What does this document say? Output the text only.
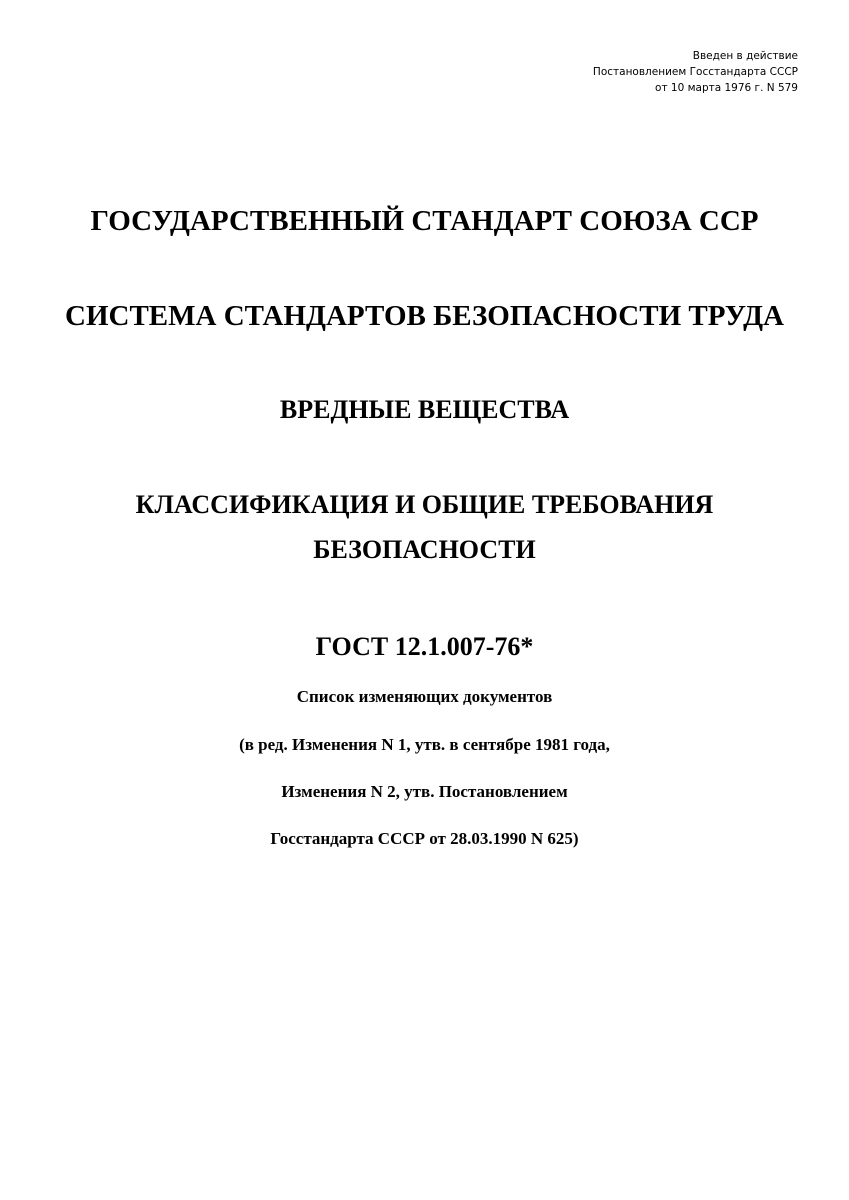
Введен в действие
Постановлением Госстандарта СССР
от 10 марта 1976 г. N 579
ГОСУДАРСТВЕННЫЙ СТАНДАРТ СОЮЗА ССР
СИСТЕМА СТАНДАРТОВ БЕЗОПАСНОСТИ ТРУДА
ВРЕДНЫЕ ВЕЩЕСТВА
КЛАССИФИКАЦИЯ И ОБЩИЕ ТРЕБОВАНИЯ
БЕЗОПАСНОСТИ
ГОСТ 12.1.007-76*
Список изменяющих документов
(в ред. Изменения N 1, утв. в сентябре 1981 года,
Изменения N 2, утв. Постановлением
Госстандарта СССР от 28.03.1990 N 625)
